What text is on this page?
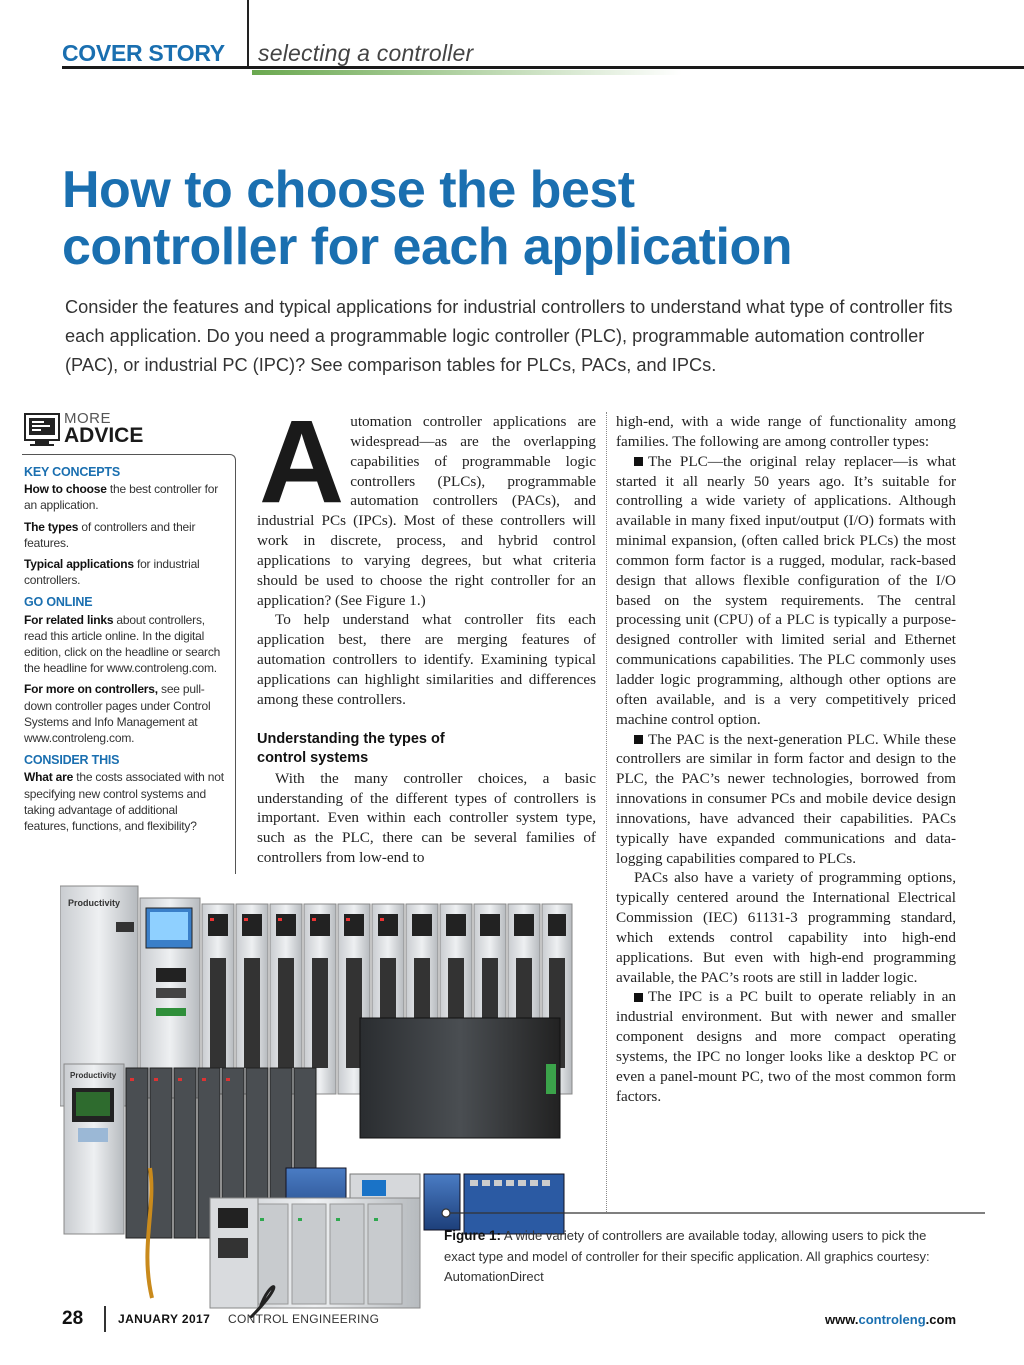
COVER STORY selecting a controller
How to choose the best
controller for each application

Consider the features and typical applications for industrial controllers to understand what type of controller fits each application. Do you need a programmable logic controller (PLC), programmable automation controller (PAC), or industrial PC (IPC)? See comparison tables for PLCs, PACs, and IPCs.

MORE
ADVICE
KEY CONCEPTS
How to choose the best controller for an application.
The types of controllers and their features.
Typical applications for industrial controllers.
GO ONLINE
For related links about controllers, read this article online. In the digital edition, click on the headline or search the headline for www.controleng.com.
For more on controllers, see pull-down controller pages under Control Systems and Info Management at www.controleng.com.
CONSIDER THIS
What are the costs associated with not specifying new control systems and taking advantage of additional features, functions, and flexibility?

Automation controller applications are widespread—as are the overlapping capabilities of programmable logic controllers (PLCs), programmable automation controllers (PACs), and industrial PCs (IPCs). Most of these controllers will work in discrete, process, and hybrid control applications to varying degrees, but what criteria should be used to choose the right controller for an application? (See Figure 1.)

To help understand what controller fits each application best, there are merging features of automation controllers to identify. Examining typical applications can highlight similarities and differences among these controllers.

Understanding the types of
control systems

With the many controller choices, a basic understanding of the different types of controllers is important. Even within each controller system type, such as the PLC, there can be several families of controllers from low-end to

high-end, with a wide range of functionality among families. The following are among controller types:

The PLC—the original relay replacer—is what started it all nearly 50 years ago. It’s suitable for controlling a wide variety of applications. Although available in many fixed input/output (I/O) formats with minimal expansion, (often called brick PLCs) the most common form factor is a rugged, modular, rack-based design that allows flexible configuration of the I/O based on the system requirements. The central processing unit (CPU) of a PLC is typically a purpose-designed controller with limited serial and Ethernet communications capabilities. The PLC commonly uses ladder logic programming, although other options are often available, and is a very competitively priced machine control option.

The PAC is the next-generation PLC. While these controllers are similar in form factor and design to the PLC, the PAC’s newer technologies, borrowed from innovations in consumer PCs and mobile device design innovations, have advanced their capabilities. PACs typically have expanded communications and data-logging capabilities compared to PLCs.

PACs also have a variety of programming options, typically centered around the International Electrical Commission (IEC) 61131-3 programming standard, which extends control capability into high-end applications. But even with high-end programming available, the PAC’s roots are still in ladder logic.

The IPC is a PC built to operate reliably in an industrial environment. But with newer and smaller component designs and more compact operating systems, the IPC no longer looks like a desktop PC or even a panel-mount PC, two of the most common form factors.

Productivity
Productivity

Figure 1: A wide variety of controllers are available today, allowing users to pick the exact type and model of controller for their specific application. All graphics courtesy: AutomationDirect

28	JANUARY 2017 CONTROL ENGINEERING	www.controleng.com
